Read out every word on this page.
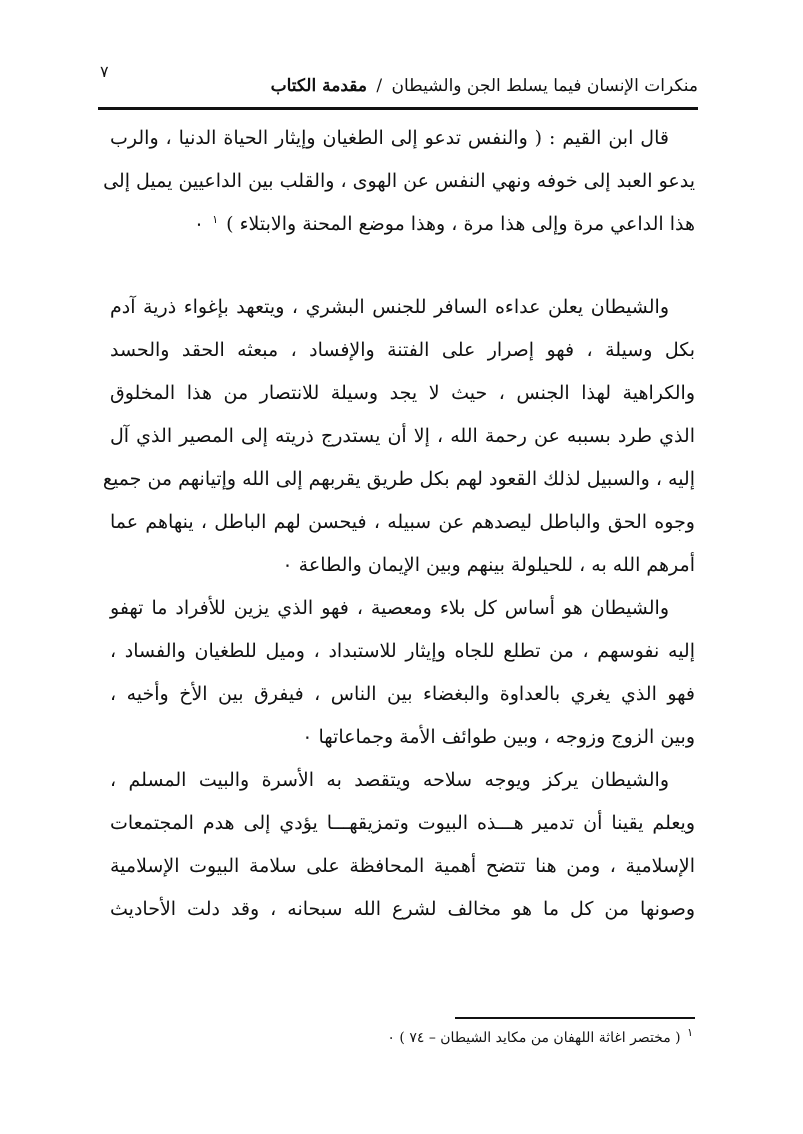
٧
منكرات الإنسان فيما يسلط الجن والشيطان / مقدمة الكتاب
قال ابن القيم : ( والنفس تدعو إلى الطغيان وإيثار الحياة الدنيا ، والرب
يدعو العبد إلى خوفه ونهي النفس عن الهوى ، والقلب بين الداعيين يميل إلى
هذا الداعي مرة وإلى هذا مرة ، وهذا موضع المحنة والابتلاء ) $^١$ ٠
والشيطان يعلن عداءه السافر للجنس البشري ، ويتعهد بإغواء ذرية آدم
بكل وسيلة ، فهو إصرار على الفتنة والإفساد ، مبعثه الحقد والحسد
والكراهية لهذا الجنس ، حيث لا يجد وسيلة للانتصار من هذا المخلوق
الذي طرد بسببه عن رحمة الله ، إلا أن يستدرج ذريته إلى المصير الذي آل
إليه ، والسبيل لذلك القعود لهم بكل طريق يقربهم إلى الله وإتيانهم من جميع
وجوه الحق والباطل ليصدهم عن سبيله ، فيحسن لهم الباطل ، ينهاهم عما
أمرهم الله به ، للحيلولة بينهم وبين الإيمان والطاعة ٠
والشيطان هو أساس كل بلاء ومعصية ، فهو الذي يزين للأفراد ما تهفو
إليه نفوسهم ، من تطلع للجاه وإيثار للاستبداد ، وميل للطغيان والفساد ،
فهو الذي يغري بالعداوة والبغضاء بين الناس ، فيفرق بين الأخ وأخيه ،
وبين الزوج وزوجه ، وبين طوائف الأمة وجماعاتها ٠
والشيطان يركز ويوجه سلاحه ويتقصد به الأسرة والبيت المسلم ،
ويعلم يقينا أن تدمير هـــذه البيوت وتمزيقهـــا يؤدي إلى هدم المجتمعات
الإسلامية ، ومن هنا تتضح أهمية المحافظة على سلامة البيوت الإسلامية
وصونها من كل ما هو مخالف لشرع الله سبحانه ، وقد دلت الأحاديث
$^١$ ( مختصر اغاثة اللهفان من مكايد الشيطان – ٧٤ ) ٠
